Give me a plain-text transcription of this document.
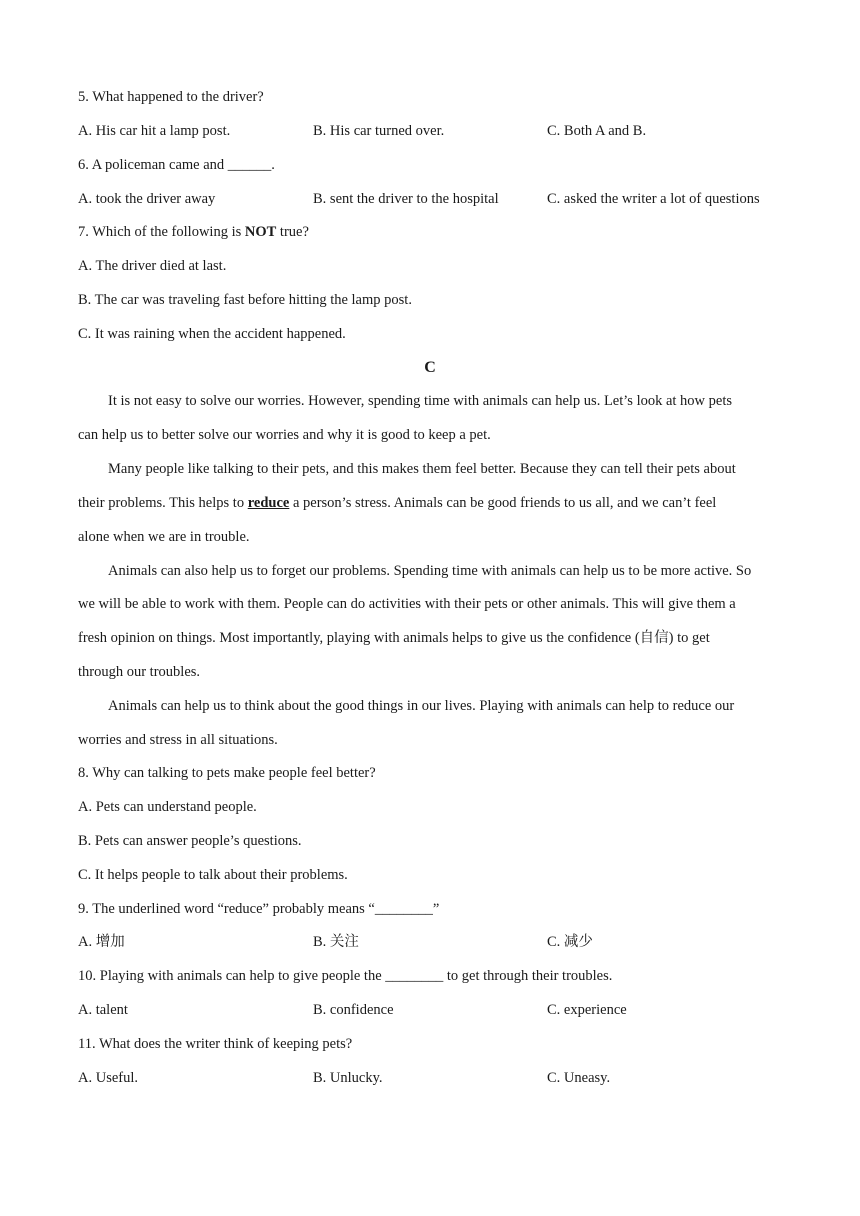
5. What happened to the driver?
A. His car hit a lamp post.	B. His car turned over.	C. Both A and B.
6. A policeman came and ______.
A. took the driver away	B. sent the driver to the hospital	C. asked the writer a lot of questions
7. Which of the following is NOT true?
A. The driver died at last.
B. The car was traveling fast before hitting the lamp post.
C. It was raining when the accident happened.
C
It is not easy to solve our worries. However, spending time with animals can help us. Let’s look at how pets
can help us to better solve our worries and why it is good to keep a pet.
Many people like talking to their pets, and this makes them feel better. Because they can tell their pets about
their problems. This helps to reduce a person’s stress. Animals can be good friends to us all, and we can’t feel
alone when we are in trouble.
Animals can also help us to forget our problems. Spending time with animals can help us to be more active. So
we will be able to work with them. People can do activities with their pets or other animals. This will give them a
fresh opinion on things. Most importantly, playing with animals helps to give us the confidence (自信) to get
through our troubles.
Animals can help us to think about the good things in our lives. Playing with animals can help to reduce our
worries and stress in all situations.
8. Why can talking to pets make people feel better?
A. Pets can understand people.
B. Pets can answer people’s questions.
C. It helps people to talk about their problems.
9. The underlined word “reduce” probably means “________”
A. 增加	B. 关注	C. 减少
10. Playing with animals can help to give people the ________ to get through their troubles.
A. talent	B. confidence	C. experience
11. What does the writer think of keeping pets?
A. Useful.	B. Unlucky.	C. Uneasy.
